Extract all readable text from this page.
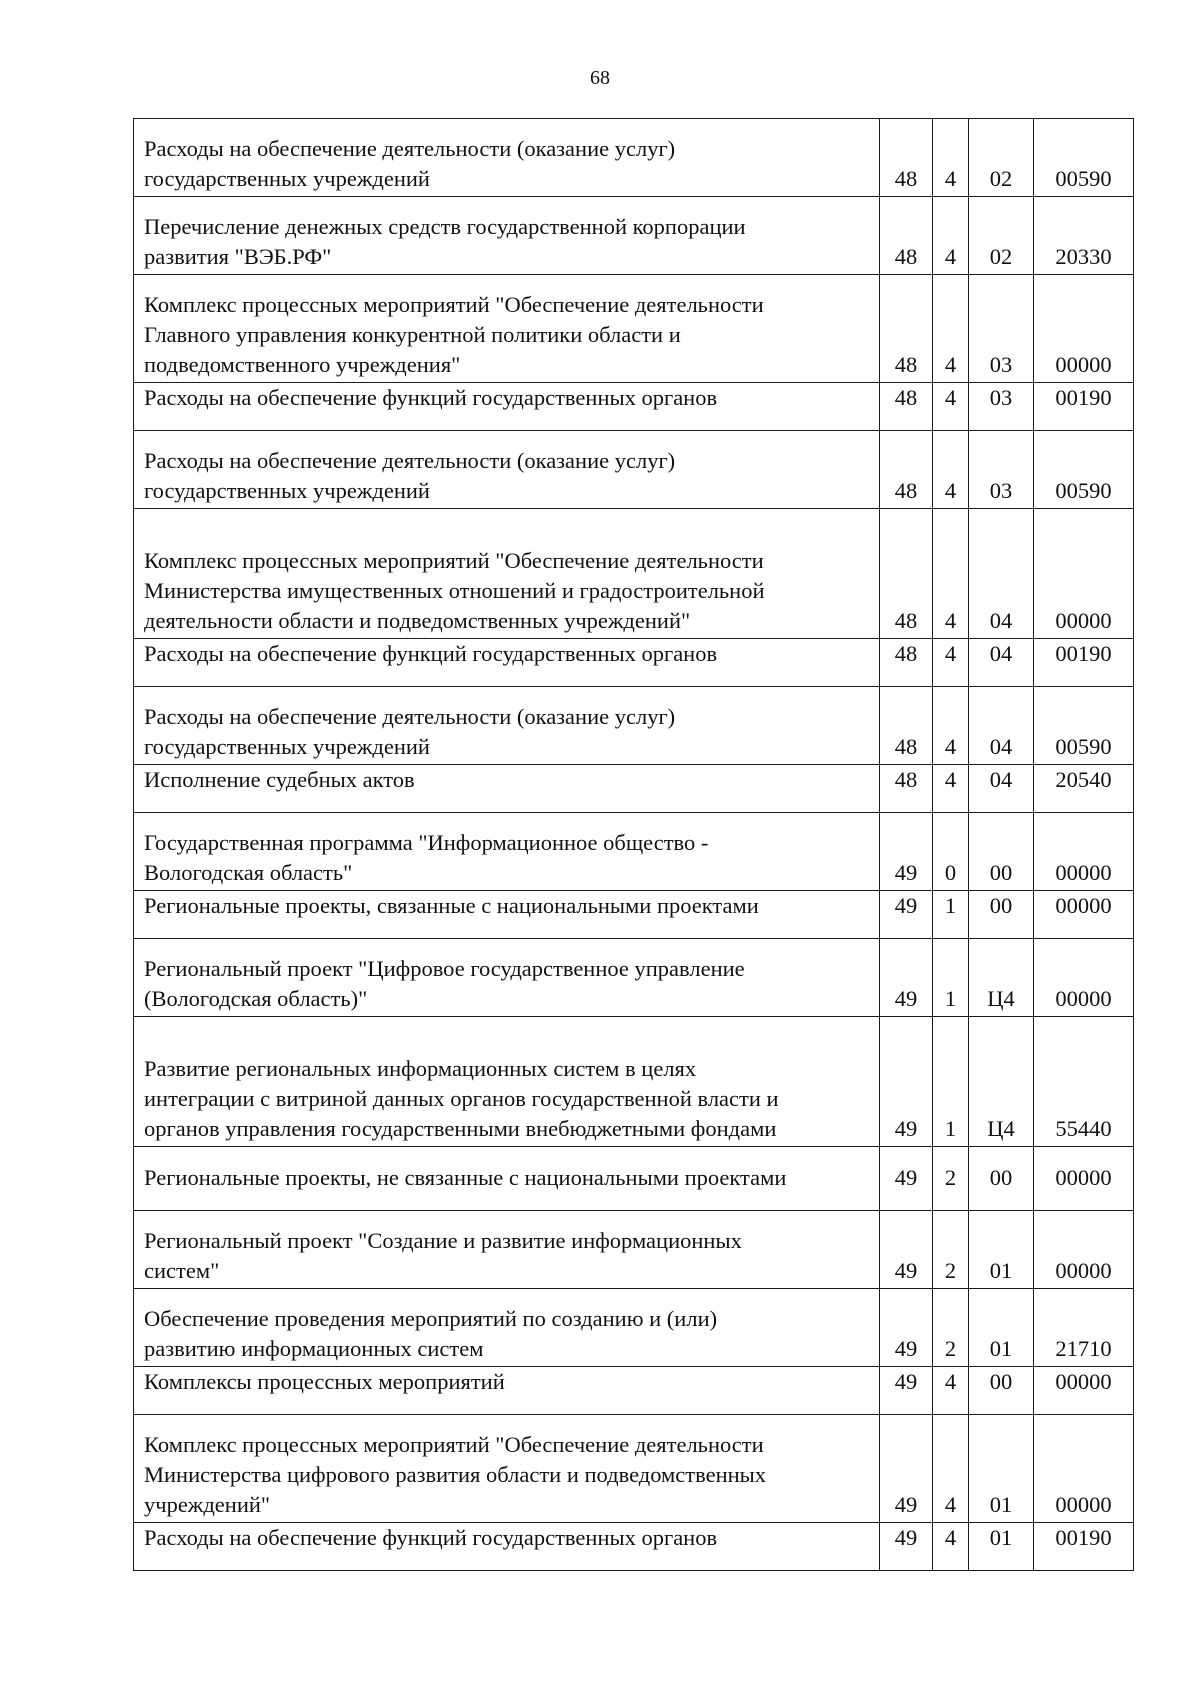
68
Расходы на обеспечение деятельности (оказание услуг)
государственных учреждений	48	4	02	00590

Перечисление денежных средств государственной корпорации
развития "ВЭБ.РФ"	48	4	02	20330

Комплекс процессных мероприятий "Обеспечение деятельности
Главного управления конкурентной политики области и
подведомственного учреждения"	48	4	03	00000

Расходы на обеспечение функций государственных органов	48	4	03	00190

Расходы на обеспечение деятельности (оказание услуг)
государственных учреждений	48	4	03	00590

Комплекс процессных мероприятий "Обеспечение деятельности
Министерства имущественных отношений и градостроительной
деятельности области и подведомственных учреждений"	48	4	04	00000

Расходы на обеспечение функций государственных органов	48	4	04	00190

Расходы на обеспечение деятельности (оказание услуг)
государственных учреждений	48	4	04	00590

Исполнение судебных актов	48	4	04	20540

Государственная программа "Информационное общество -
Вологодская область"	49	0	00	00000

Региональные проекты, связанные с национальными проектами	49	1	00	00000

Региональный проект "Цифровое государственное управление
(Вологодская область)"	49	1	Ц4	00000

Развитие региональных информационных систем в целях
интеграции с витриной данных органов государственной власти и
органов управления государственными внебюджетными фондами	49	1	Ц4	55440

Региональные проекты, не связанные с национальными проектами	49	2	00	00000

Региональный проект "Создание и развитие информационных
систем"	49	2	01	00000

Обеспечение проведения мероприятий по созданию и (или)
развитию информационных систем	49	2	01	21710

Комплексы процессных мероприятий	49	4	00	00000

Комплекс процессных мероприятий "Обеспечение деятельности
Министерства цифрового развития области и подведомственных
учреждений"	49	4	01	00000

Расходы на обеспечение функций государственных органов	49	4	01	00190
